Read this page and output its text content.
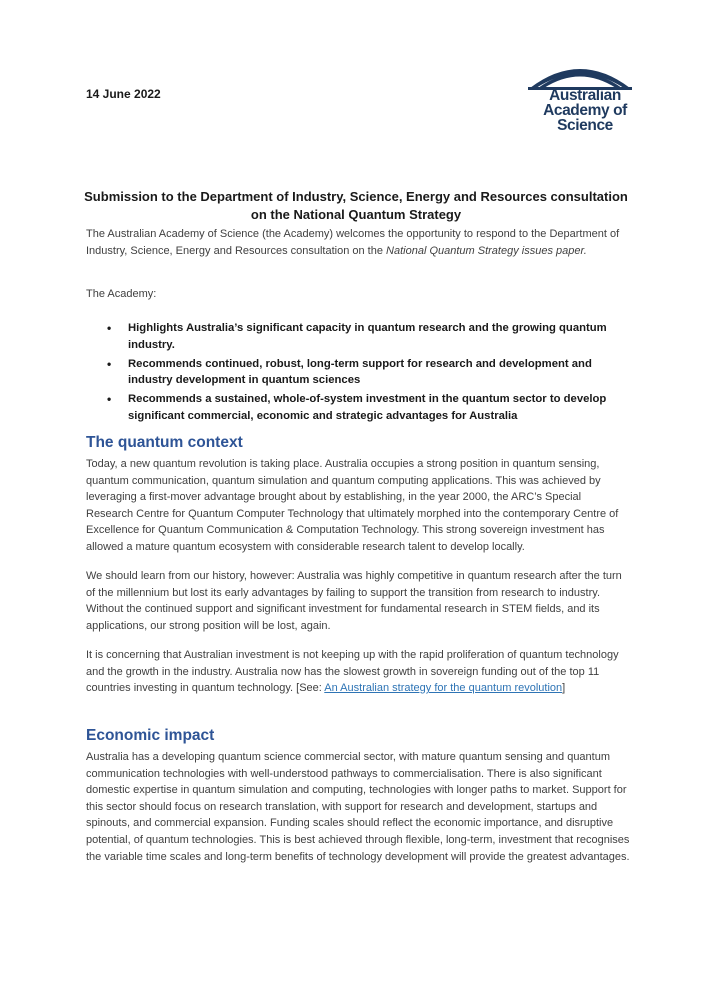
14 June 2022	Australian
Academy of
Science
Submission to the Department of Industry, Science, Energy and Resources consultation on the National Quantum Strategy

The Australian Academy of Science (the Academy) welcomes the opportunity to respond to the Department of Industry, Science, Energy and Resources consultation on the National Quantum Strategy issues paper.

The Academy:

• Highlights Australia’s significant capacity in quantum research and the growing quantum industry.
• Recommends continued, robust, long-term support for research and development and industry development in quantum sciences
• Recommends a sustained, whole-of-system investment in the quantum sector to develop significant commercial, economic and strategic advantages for Australia
The quantum context

Today, a new quantum revolution is taking place. Australia occupies a strong position in quantum sensing, quantum communication, quantum simulation and quantum computing applications. This was achieved by leveraging a first-mover advantage brought about by establishing, in the year 2000, the ARC’s Special Research Centre for Quantum Computer Technology that ultimately morphed into the contemporary Centre of Excellence for Quantum Communication & Computation Technology. This strong sovereign investment has allowed a mature quantum ecosystem with considerable research talent to develop locally.

We should learn from our history, however: Australia was highly competitive in quantum research after the turn of the millennium but lost its early advantages by failing to support the transition from research to industry. Without the continued support and significant investment for fundamental research in STEM fields, and its applications, our strong position will be lost, again.

It is concerning that Australian investment is not keeping up with the rapid proliferation of quantum technology and the growth in the industry. Australia now has the slowest growth in sovereign funding out of the top 11 countries investing in quantum technology. [See: An Australian strategy for the quantum revolution]

Economic impact

Australia has a developing quantum science commercial sector, with mature quantum sensing and quantum communication technologies with well-understood pathways to commercialisation. There is also significant domestic expertise in quantum simulation and computing, technologies with longer paths to market. Support for this sector should focus on research translation, with support for research and development, startups and spinouts, and commercial expansion. Funding scales should reflect the economic importance, and disruptive potential, of quantum technologies. This is best achieved through flexible, long-term, investment that recognises the variable time scales and long-term benefits of technology development will provide the greatest advantages.
